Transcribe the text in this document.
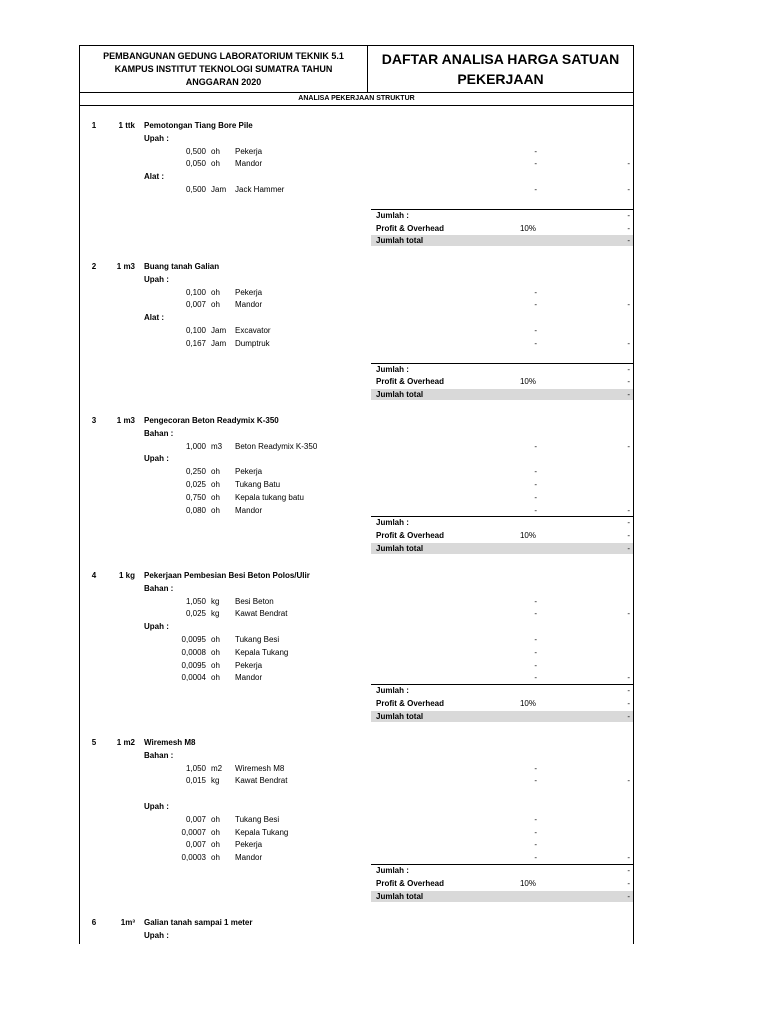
PEMBANGUNAN GEDUNG LABORATORIUM TEKNIK 5.1
KAMPUS INSTITUT TEKNOLOGI SUMATRA TAHUN
ANGGARAN 2020
DAFTAR ANALISA HARGA SATUAN
PEKERJAAN
ANALISA PEKERJAAN STRUKTUR
1	1 ttk Pemotongan Tiang Bore Pile
Upah :
0,500 oh	Pekerja	-
0,050 oh	Mandor	-	-
Alat :
0,500 Jam	Jack Hammer	-	-
Jumlah :	-
Profit & Overhead	10%	-
Jumlah total	-
2	1 m3 Buang tanah Galian
Upah :
0,100 oh	Pekerja	-
0,007 oh	Mandor	-	-
Alat :
0,100 Jam	Excavator	-
0,167 Jam	Dumptruk	-	-
Jumlah :	-
Profit & Overhead	10%	-
Jumlah total	-
3	1 m3 Pengecoran Beton Readymix K-350
Bahan :
1,000 m3	Beton Readymix K-350	-	-
Upah :
0,250 oh	Pekerja	-
0,025 oh	Tukang Batu	-
0,750 oh	Kepala tukang batu	-
0,080 oh	Mandor	-	-
Jumlah :	-
Profit & Overhead	10%	-
Jumlah total	-
4	1 kg Pekerjaan Pembesian Besi Beton Polos/Ulir
Bahan :
1,050 kg	Besi Beton	-
0,025 kg	Kawat Bendrat	-	-
Upah :
0,0095 oh	Tukang Besi	-
0,0008 oh	Kepala Tukang	-
0,0095 oh	Pekerja	-
0,0004 oh	Mandor	-	-
Jumlah :	-
Profit & Overhead	10%	-
Jumlah total	-
5	1 m2 Wiremesh M8
Bahan :
1,050 m2	Wiremesh M8	-
0,015 kg	Kawat Bendrat	-	-
Upah :
0,007 oh	Tukang Besi	-
0,0007 oh	Kepala Tukang	-
0,007 oh	Pekerja	-
0,0003 oh	Mandor	-	-
Jumlah :	-
Profit & Overhead	10%	-
Jumlah total	-
6	1m³ Galian tanah sampai 1 meter
Upah :
